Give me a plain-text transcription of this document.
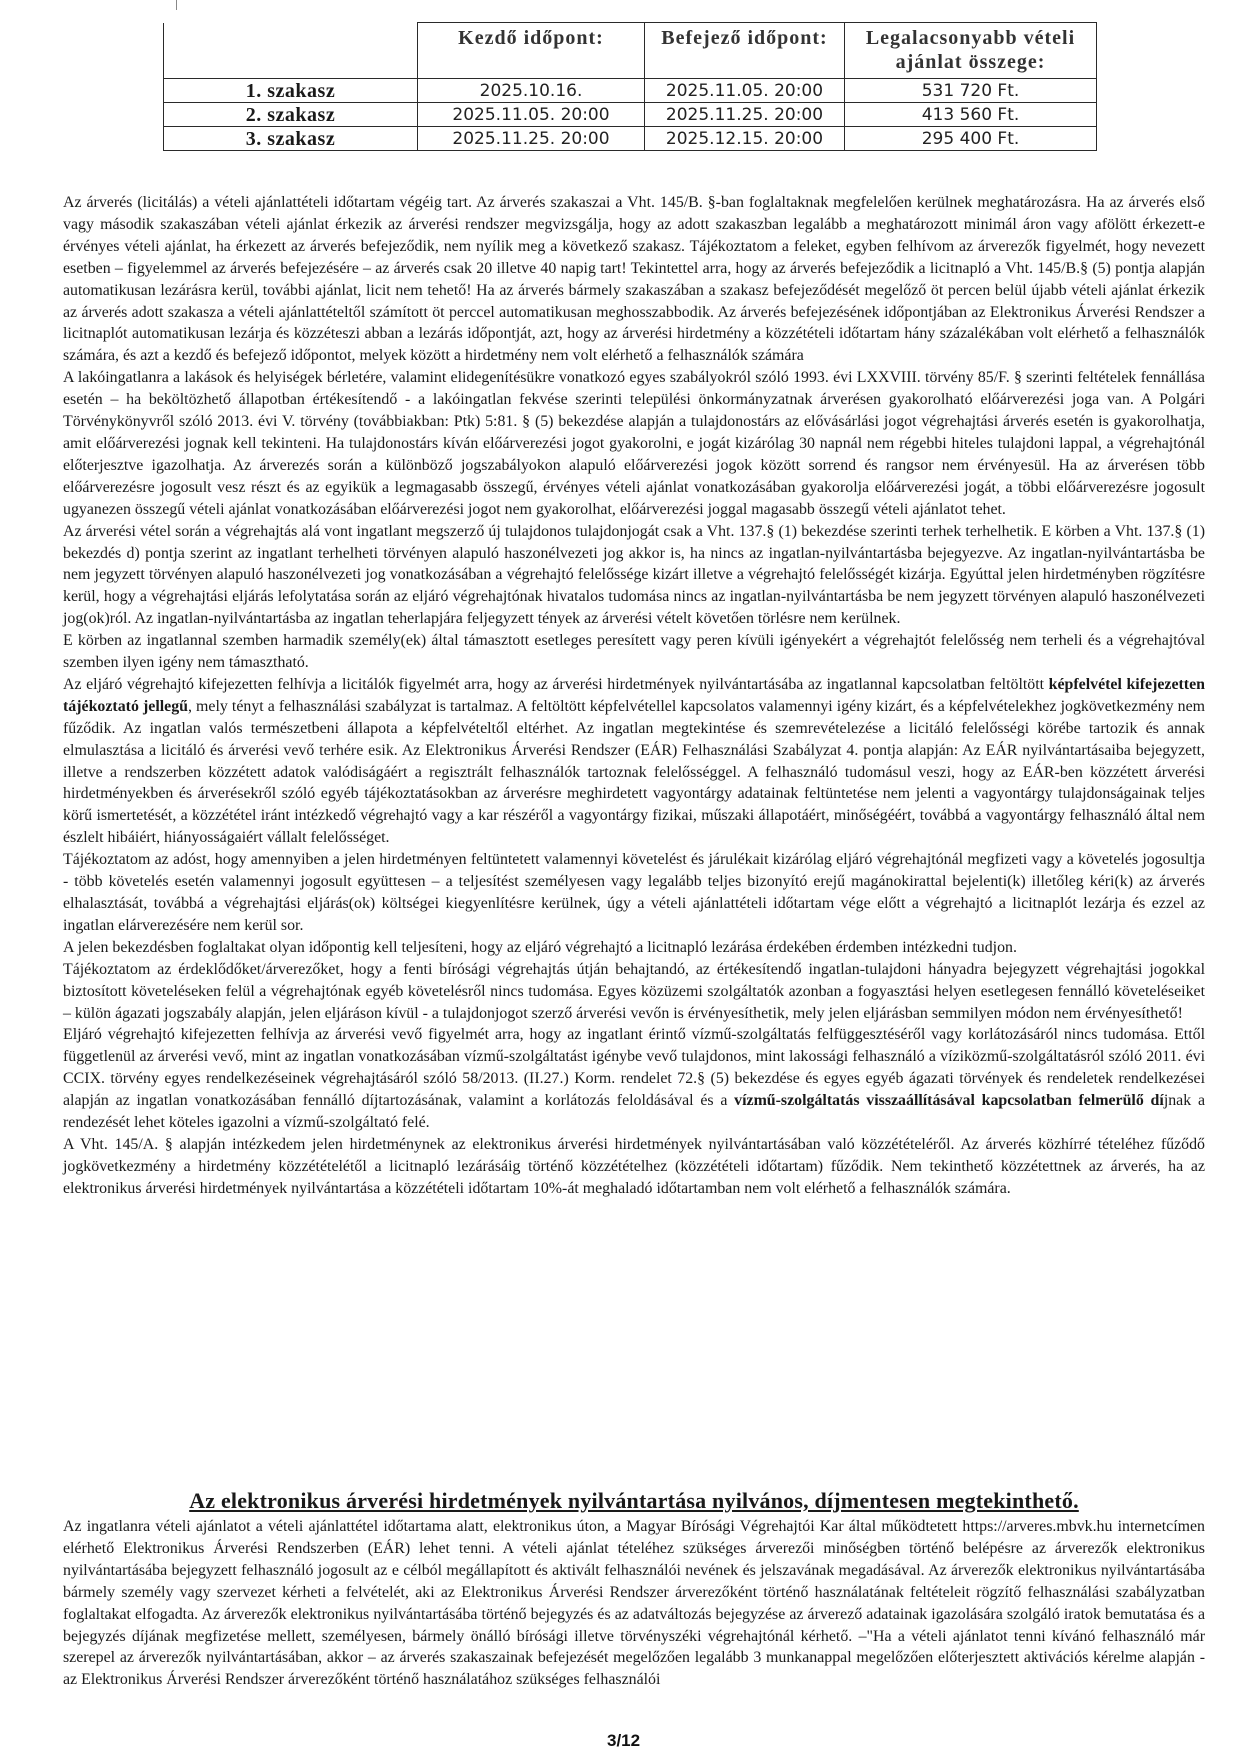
	Kezdő időpont:	Befejező időpont:	Legalacsonyabb vételi ajánlat összege:
1. szakasz	2025.10.16.	2025.11.05. 20:00	531 720 Ft.
2. szakasz	2025.11.05. 20:00	2025.11.25. 20:00	413 560 Ft.
3. szakasz	2025.11.25. 20:00	2025.12.15. 20:00	295 400 Ft.

Az árverés (licitálás) a vételi ajánlattételi időtartam végéig tart. Az árverés szakaszai a Vht. 145/B. §-ban foglaltaknak megfelelően kerülnek meghatározásra. Ha az árverés első vagy második szakaszában vételi ajánlat érkezik az árverési rendszer megvizsgálja, hogy az adott szakaszban legalább a meghatározott minimál áron vagy afölött érkezett-e érvényes vételi ajánlat, ha érkezett az árverés befejeződik, nem nyílik meg a következő szakasz. Tájékoztatom a feleket, egyben felhívom az árverezők figyelmét, hogy nevezett esetben – figyelemmel az árverés befejezésére – az árverés csak 20 illetve 40 napig tart! Tekintettel arra, hogy az árverés befejeződik a licitnapló a Vht. 145/B.§ (5) pontja alapján automatikusan lezárásra kerül, további ajánlat, licit nem tehető! Ha az árverés bármely szakaszában a szakasz befejeződését megelőző öt percen belül újabb vételi ajánlat érkezik az árverés adott szakasza a vételi ajánlattételtől számított öt perccel automatikusan meghosszabbodik. Az árverés befejezésének időpontjában az Elektronikus Árverési Rendszer a licitnaplót automatikusan lezárja és közzéteszi abban a lezárás időpontját, azt, hogy az árverési hirdetmény a közzétételi időtartam hány százalékában volt elérhető a felhasználók számára, és azt a kezdő és befejező időpontot, melyek között a hirdetmény nem volt elérhető a felhasználók számára

A lakóingatlanra a lakások és helyiségek bérletére, valamint elidegenítésükre vonatkozó egyes szabályokról szóló 1993. évi LXXVIII. törvény 85/F. § szerinti feltételek fennállása esetén – ha beköltözhető állapotban értékesítendő - a lakóingatlan fekvése szerinti települési önkormányzatnak árverésen gyakorolható előárverezési joga van. A Polgári Törvénykönyvről szóló 2013. évi V. törvény (továbbiakban: Ptk) 5:81. § (5) bekezdése alapján a tulajdonostárs az elővásárlási jogot végrehajtási árverés esetén is gyakorolhatja, amit előárverezési jognak kell tekinteni. Ha tulajdonostárs kíván előárverezési jogot gyakorolni, e jogát kizárólag 30 napnál nem régebbi hiteles tulajdoni lappal, a végrehajtónál előterjesztve igazolhatja. Az árverezés során a különböző jogszabályokon alapuló előárverezési jogok között sorrend és rangsor nem érvényesül. Ha az árverésen több előárverezésre jogosult vesz részt és az egyikük a legmagasabb összegű, érvényes vételi ajánlat vonatkozásában gyakorolja előárverezési jogát, a többi előárverezésre jogosult ugyanezen összegű vételi ajánlat vonatkozásában előárverezési jogot nem gyakorolhat, előárverezési joggal magasabb összegű vételi ajánlatot tehet.

Az árverési vétel során a végrehajtás alá vont ingatlant megszerző új tulajdonos tulajdonjogát csak a Vht. 137.§ (1) bekezdése szerinti terhek terhelhetik. E körben a Vht. 137.§ (1) bekezdés d) pontja szerint az ingatlant terhelheti törvényen alapuló haszonélvezeti jog akkor is, ha nincs az ingatlan-nyilvántartásba bejegyezve. Az ingatlan-nyilvántartásba be nem jegyzett törvényen alapuló haszonélvezeti jog vonatkozásában a végrehajtó felelőssége kizárt illetve a végrehajtó felelősségét kizárja. Egyúttal jelen hirdetményben rögzítésre kerül, hogy a végrehajtási eljárás lefolytatása során az eljáró végrehajtónak hivatalos tudomása nincs az ingatlan-nyilvántartásba be nem jegyzett törvényen alapuló haszonélvezeti jog(ok)ról. Az ingatlan-nyilvántartásba az ingatlan teherlapjára feljegyzett tények az árverési vételt követően törlésre nem kerülnek.

E körben az ingatlannal szemben harmadik személy(ek) által támasztott esetleges peresített vagy peren kívüli igényekért a végrehajtót felelősség nem terheli és a végrehajtóval szemben ilyen igény nem támasztható.

Az eljáró végrehajtó kifejezetten felhívja a licitálók figyelmét arra, hogy az árverési hirdetmények nyilvántartásába az ingatlannal kapcsolatban feltöltött képfelvétel kifejezetten tájékoztató jellegű, mely tényt a felhasználási szabályzat is tartalmaz. A feltöltött képfelvétellel kapcsolatos valamennyi igény kizárt, és a képfelvételekhez jogkövetkezmény nem fűződik. Az ingatlan valós természetbeni állapota a képfelvételtől eltérhet. Az ingatlan megtekintése és szemrevételezése a licitáló felelősségi körébe tartozik és annak elmulasztása a licitáló és árverési vevő terhére esik. Az Elektronikus Árverési Rendszer (EÁR) Felhasználási Szabályzat 4. pontja alapján: Az EÁR nyilvántartásaiba bejegyzett, illetve a rendszerben közzétett adatok valódiságáért a regisztrált felhasználók tartoznak felelősséggel. A felhasználó tudomásul veszi, hogy az EÁR-ben közzétett árverési hirdetményekben és árverésekről szóló egyéb tájékoztatásokban az árverésre meghirdetett vagyontárgy adatainak feltüntetése nem jelenti a vagyontárgy tulajdonságainak teljes körű ismertetését, a közzététel iránt intézkedő végrehajtó vagy a kar részéről a vagyontárgy fizikai, műszaki állapotáért, minőségéért, továbbá a vagyontárgy felhasználó által nem észlelt hibáiért, hiányosságaiért vállalt felelősséget.

Tájékoztatom az adóst, hogy amennyiben a jelen hirdetményen feltüntetett valamennyi követelést és járulékait kizárólag eljáró végrehajtónál megfizeti vagy a követelés jogosultja - több követelés esetén valamennyi jogosult együttesen – a teljesítést személyesen vagy legalább teljes bizonyító erejű magánokirattal bejelenti(k) illetőleg kéri(k) az árverés elhalasztását, továbbá a végrehajtási eljárás(ok) költségei kiegyenlítésre kerülnek, úgy a vételi ajánlattételi időtartam vége előtt a végrehajtó a licitnaplót lezárja és ezzel az ingatlan elárverezésére nem kerül sor.

A jelen bekezdésben foglaltakat olyan időpontig kell teljesíteni, hogy az eljáró végrehajtó a licitnapló lezárása érdekében érdemben intézkedni tudjon.

Tájékoztatom az érdeklődőket/árverezőket, hogy a fenti bírósági végrehajtás útján behajtandó, az értékesítendő ingatlan-tulajdoni hányadra bejegyzett végrehajtási jogokkal biztosított követeléseken felül a végrehajtónak egyéb követelésről nincs tudomása. Egyes közüzemi szolgáltatók azonban a fogyasztási helyen esetlegesen fennálló követeléseiket – külön ágazati jogszabály alapján, jelen eljáráson kívül - a tulajdonjogot szerző árverési vevőn is érvényesíthetik, mely jelen eljárásban semmilyen módon nem érvényesíthető!

Eljáró végrehajtó kifejezetten felhívja az árverési vevő figyelmét arra, hogy az ingatlant érintő vízmű-szolgáltatás felfüggesztéséről vagy korlátozásáról nincs tudomása. Ettől függetlenül az árverési vevő, mint az ingatlan vonatkozásában vízmű-szolgáltatást igénybe vevő tulajdonos, mint lakossági felhasználó a víziközmű-szolgáltatásról szóló 2011. évi CCIX. törvény egyes rendelkezéseinek végrehajtásáról szóló 58/2013. (II.27.) Korm. rendelet 72.§ (5) bekezdése és egyes egyéb ágazati törvények és rendeletek rendelkezései alapján az ingatlan vonatkozásában fennálló díjtartozásának, valamint a korlátozás feloldásával és a vízmű-szolgáltatás visszaállításával kapcsolatban felmerülő díjnak a rendezését lehet köteles igazolni a vízmű-szolgáltató felé.

A Vht. 145/A. § alapján intézkedem jelen hirdetménynek az elektronikus árverési hirdetmények nyilvántartásában való közzétételéről. Az árverés közhírré tételéhez fűződő jogkövetkezmény a hirdetmény közzétételétől a licitnapló lezárásáig történő közzétételhez (közzétételi időtartam) fűződik. Nem tekinthető közzétettnek az árverés, ha az elektronikus árverési hirdetmények nyilvántartása a közzétételi időtartam 10%-át meghaladó időtartamban nem volt elérhető a felhasználók számára.

Az elektronikus árverési hirdetmények nyilvántartása nyilvános, díjmentesen megtekinthető.

Az ingatlanra vételi ajánlatot a vételi ajánlattétel időtartama alatt, elektronikus úton, a Magyar Bírósági Végrehajtói Kar által működtetett https://arveres.mbvk.hu internetcímen elérhető Elektronikus Árverési Rendszerben (EÁR) lehet tenni. A vételi ajánlat tételéhez szükséges árverezői minőségben történő belépésre az árverezők elektronikus nyilvántartásába bejegyzett felhasználó jogosult az e célból megállapított és aktivált felhasználói nevének és jelszavának megadásával. Az árverezők elektronikus nyilvántartásába bármely személy vagy szervezet kérheti a felvételét, aki az Elektronikus Árverési Rendszer árverezőként történő használatának feltételeit rögzítő felhasználási szabályzatban foglaltakat elfogadta. Az árverezők elektronikus nyilvántartásába történő bejegyzés és az adatváltozás bejegyzése az árverező adatainak igazolására szolgáló iratok bemutatása és a bejegyzés díjának megfizetése mellett, személyesen, bármely önálló bírósági illetve törvényszéki végrehajtónál kérhető. –"Ha a vételi ajánlatot tenni kívánó felhasználó már szerepel az árverezők nyilvántartásában, akkor – az árverés szakaszainak befejezését megelőzően legalább 3 munkanappal megelőzően előterjesztett aktivációs kérelme alapján - az Elektronikus Árverési Rendszer árverezőként történő használatához szükséges felhasználói

3/12
